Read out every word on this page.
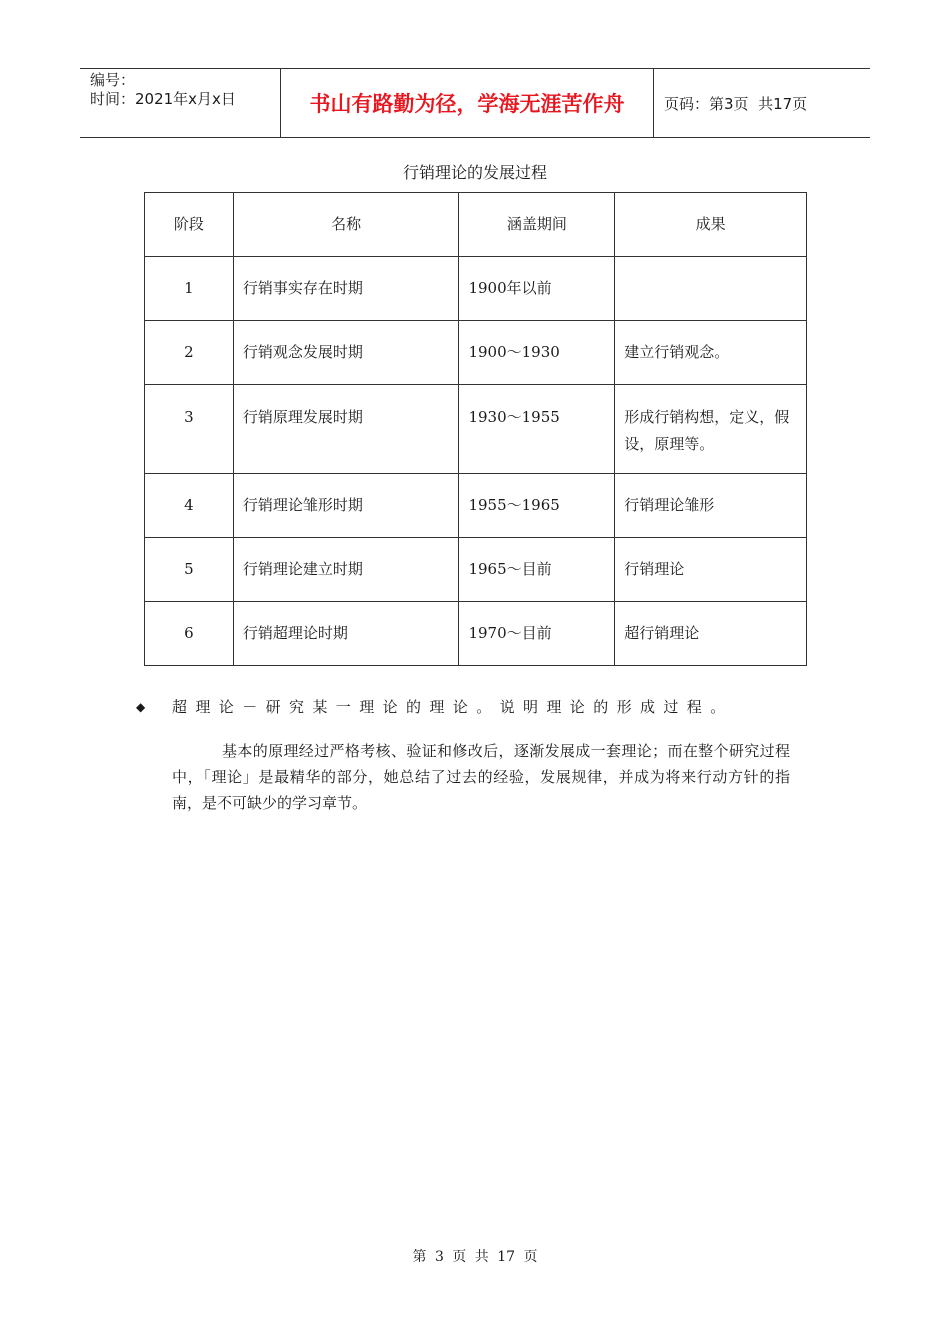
编号：
时间：2021年x月x日	书山有路勤为径，学海无涯苦作舟	页码：第3页  共17页
行销理论的发展过程
阶段	名称	涵盖期间	成果
1	行销事实存在时期	1900年以前	
2	行销观念发展时期	1900～1930	建立行销观念。
3	行销原理发展时期	1930～1955	形成行销构想，定义，假设，原理等。
4	行销理论雏形时期	1955～1965	行销理论雏形
5	行销理论建立时期	1965～目前	行销理论
6	行销超理论时期	1970～目前	超行销理论
◆ 超理论－研究某一理论的理论。说明理论的形成过程。
基本的原理经过严格考核、验证和修改后，逐渐发展成一套理论；而在整个研究过程中，「理论」是最精华的部分，她总结了过去的经验，发展规律，并成为将来行动方针的指南，是不可缺少的学习章节。
第 3 页 共 17 页
